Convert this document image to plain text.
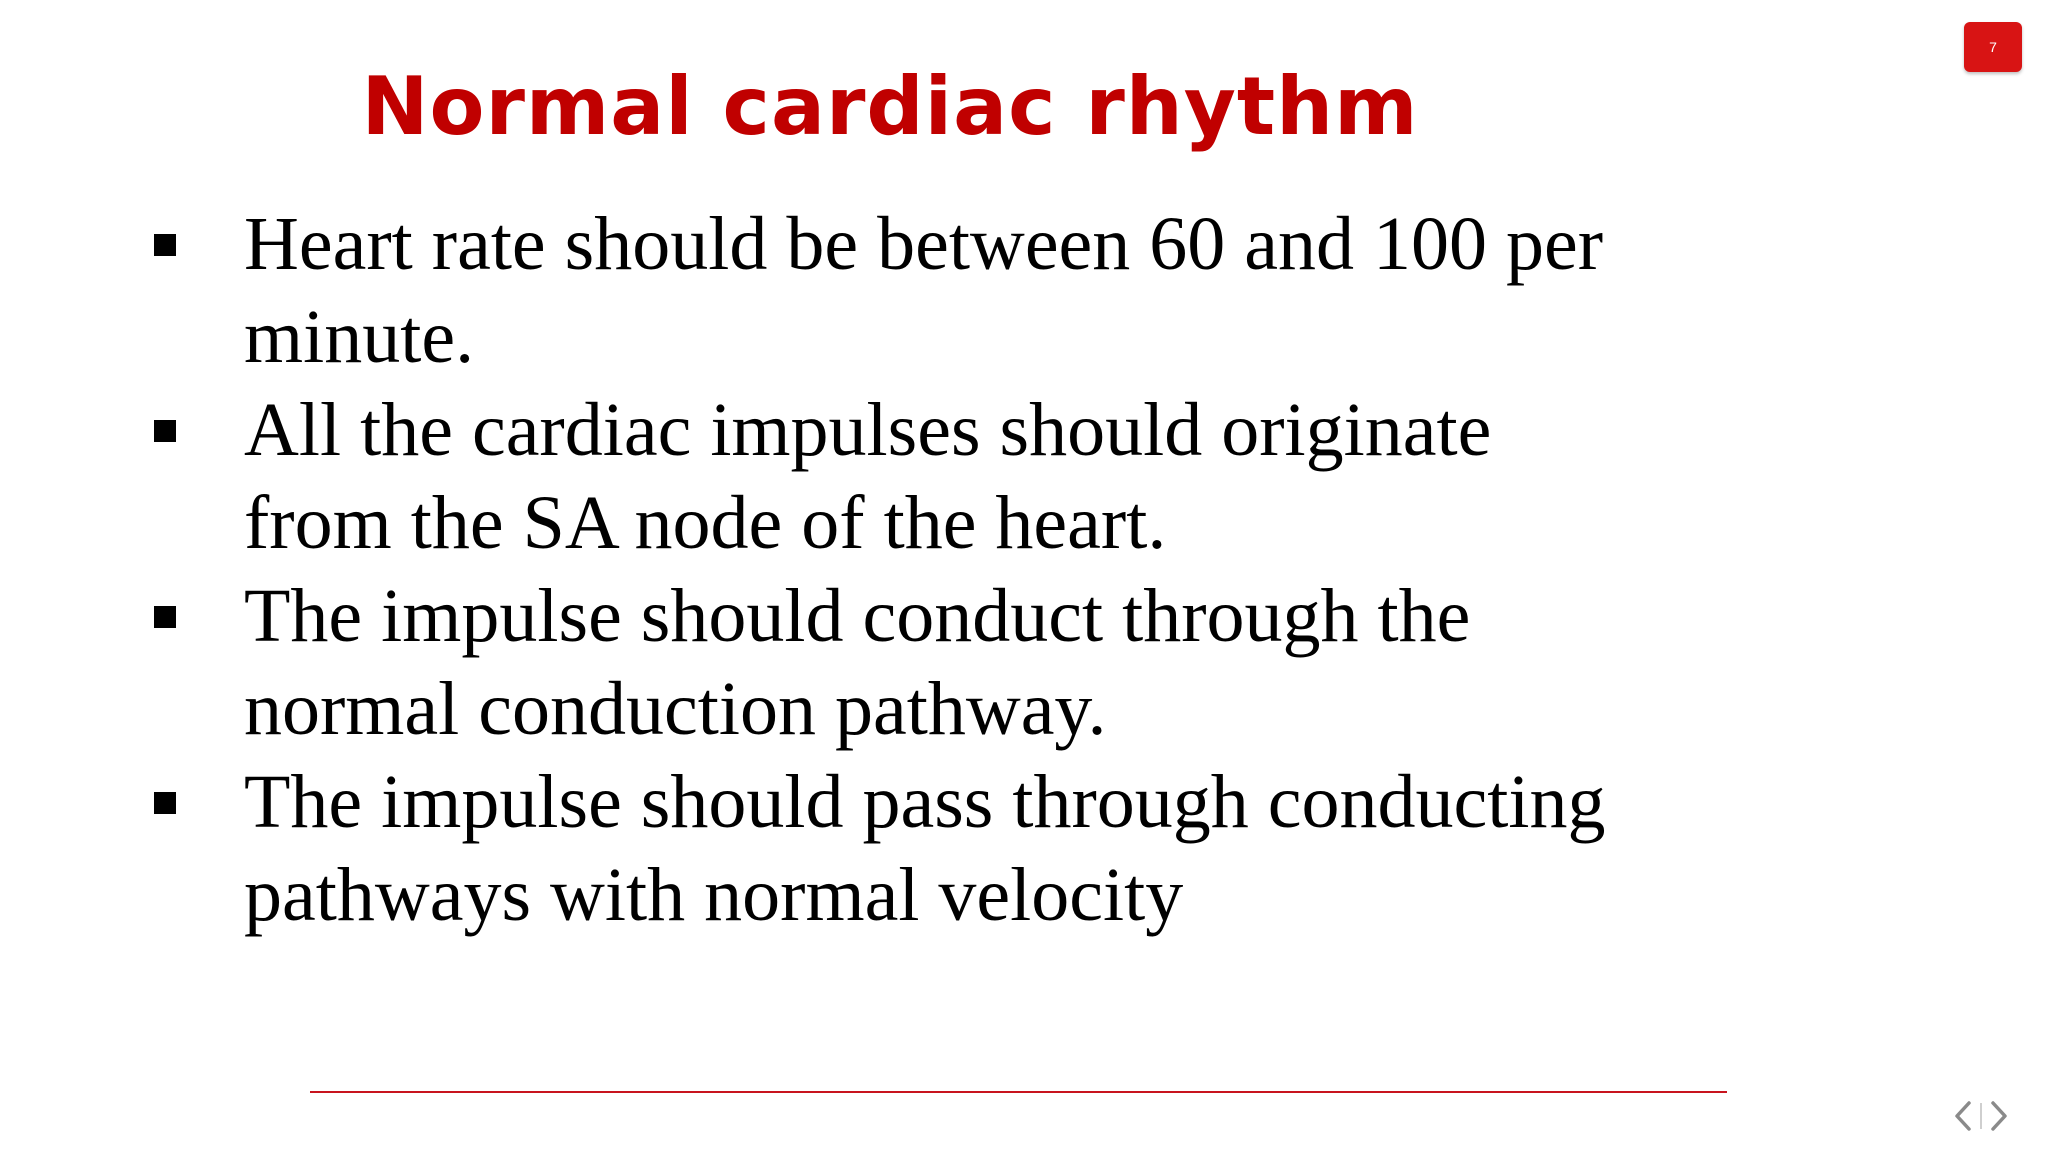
7
Normal cardiac rhythm
Heart rate should be between 60 and 100 per minute.
All the cardiac impulses should originate from the SA node of the heart.
The impulse should conduct through the normal conduction pathway.
The impulse should pass through conducting pathways with normal velocity
